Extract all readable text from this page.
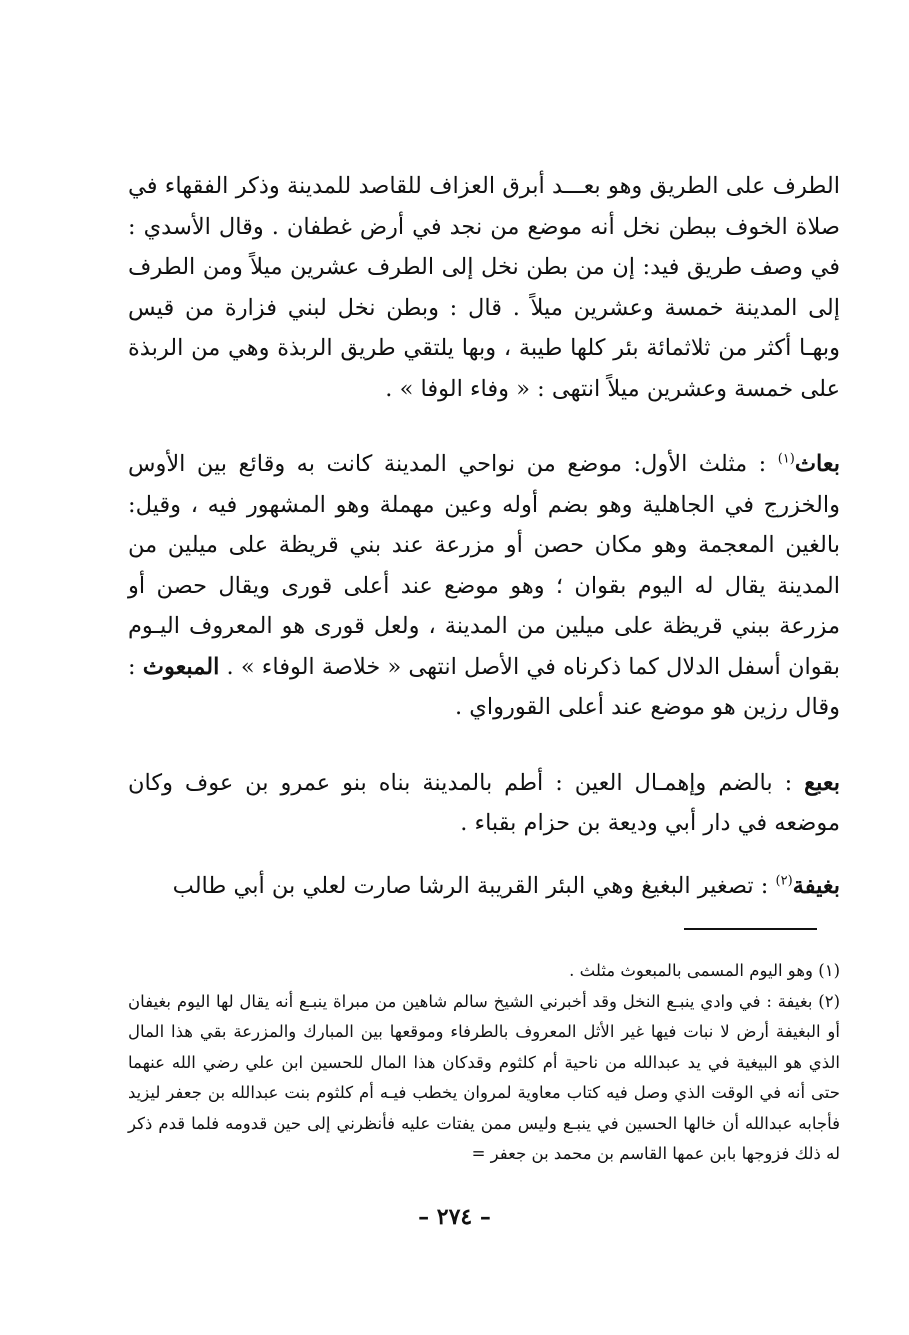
الطرف على الطريق وهو بعـــد أبرق العزاف للقاصد للمدينة وذكر الفقهاء في صلاة الخوف ببطن نخل أنه موضع من نجد في أرض غطفان . وقال الأسدي : في وصف طريق فيد: إن من بطن نخل إلى الطرف عشرين ميلاً ومن الطرف إلى المدينة خمسة وعشرين ميلاً . قال : وبطن نخل لبني فزارة من قيس وبهـا أكثر من ثلاثمائة بئر كلها طيبة ، وبها يلتقي طريق الربذة وهي من الربذة على خمسة وعشرين ميلاً انتهى : « وفاء الوفا » .

بعاث$^{(١)}$ : مثلث الأول: موضع من نواحي المدينة كانت به وقائع بين الأوس والخزرج في الجاهلية وهو بضم أوله وعين مهملة وهو المشهور فيه ، وقيل: بالغين المعجمة وهو مكان حصن أو مزرعة عند بني قريظة على ميلين من المدينة يقال له اليوم بقوان ؛ وهو موضع عند أعلى قورى ويقال حصن أو مزرعة ببني قريظة على ميلين من المدينة ، ولعل قورى هو المعروف اليـوم بقوان أسفل الدلال كما ذكرناه في الأصل انتهى « خلاصة الوفاء » . المبعوث : وقال رزين هو موضع عند أعلى القورواي .

بعبع : بالضم وإهمـال العين : أطم بالمدينة بناه بنو عمرو بن عوف وكان موضعه في دار أبي وديعة بن حزام بقباء .

بغيفة$^{(٢)}$ : تصغير البغيغ وهي البئر القريبة الرشا صارت لعلي بن أبي طالب

(١) وهو اليوم المسمى بالمبعوث مثلث .

(٢) بغيفة : في وادي ينبـع النخل وقد أخبرني الشيخ سالم شاهين من مبراة ينبـع أنه يقال لها اليوم بغيفان أو البغيفة أرض لا نبات فيها غير الأثل المعروف بالطرفاء وموقعها بين المبارك والمزرعة بقي هذا المال الذي هو البيغية في يد عبدالله من ناحية أم كلثوم وقدكان هذا المال للحسين ابن علي رضي الله عنهما حتى أنه في الوقت الذي وصل فيه كتاب معاوية لمروان يخطب فيـه أم كلثوم بنت عبدالله بن جعفر ليزيد فأجابه عبدالله أن خالها الحسين في ينبـع وليس ممن يفتات عليه فأنظرني إلى حين قدومه فلما قدم ذكر له ذلك فزوجها بابن عمها القاسم بن محمد بن جعفر =

– ٢٧٤ –
